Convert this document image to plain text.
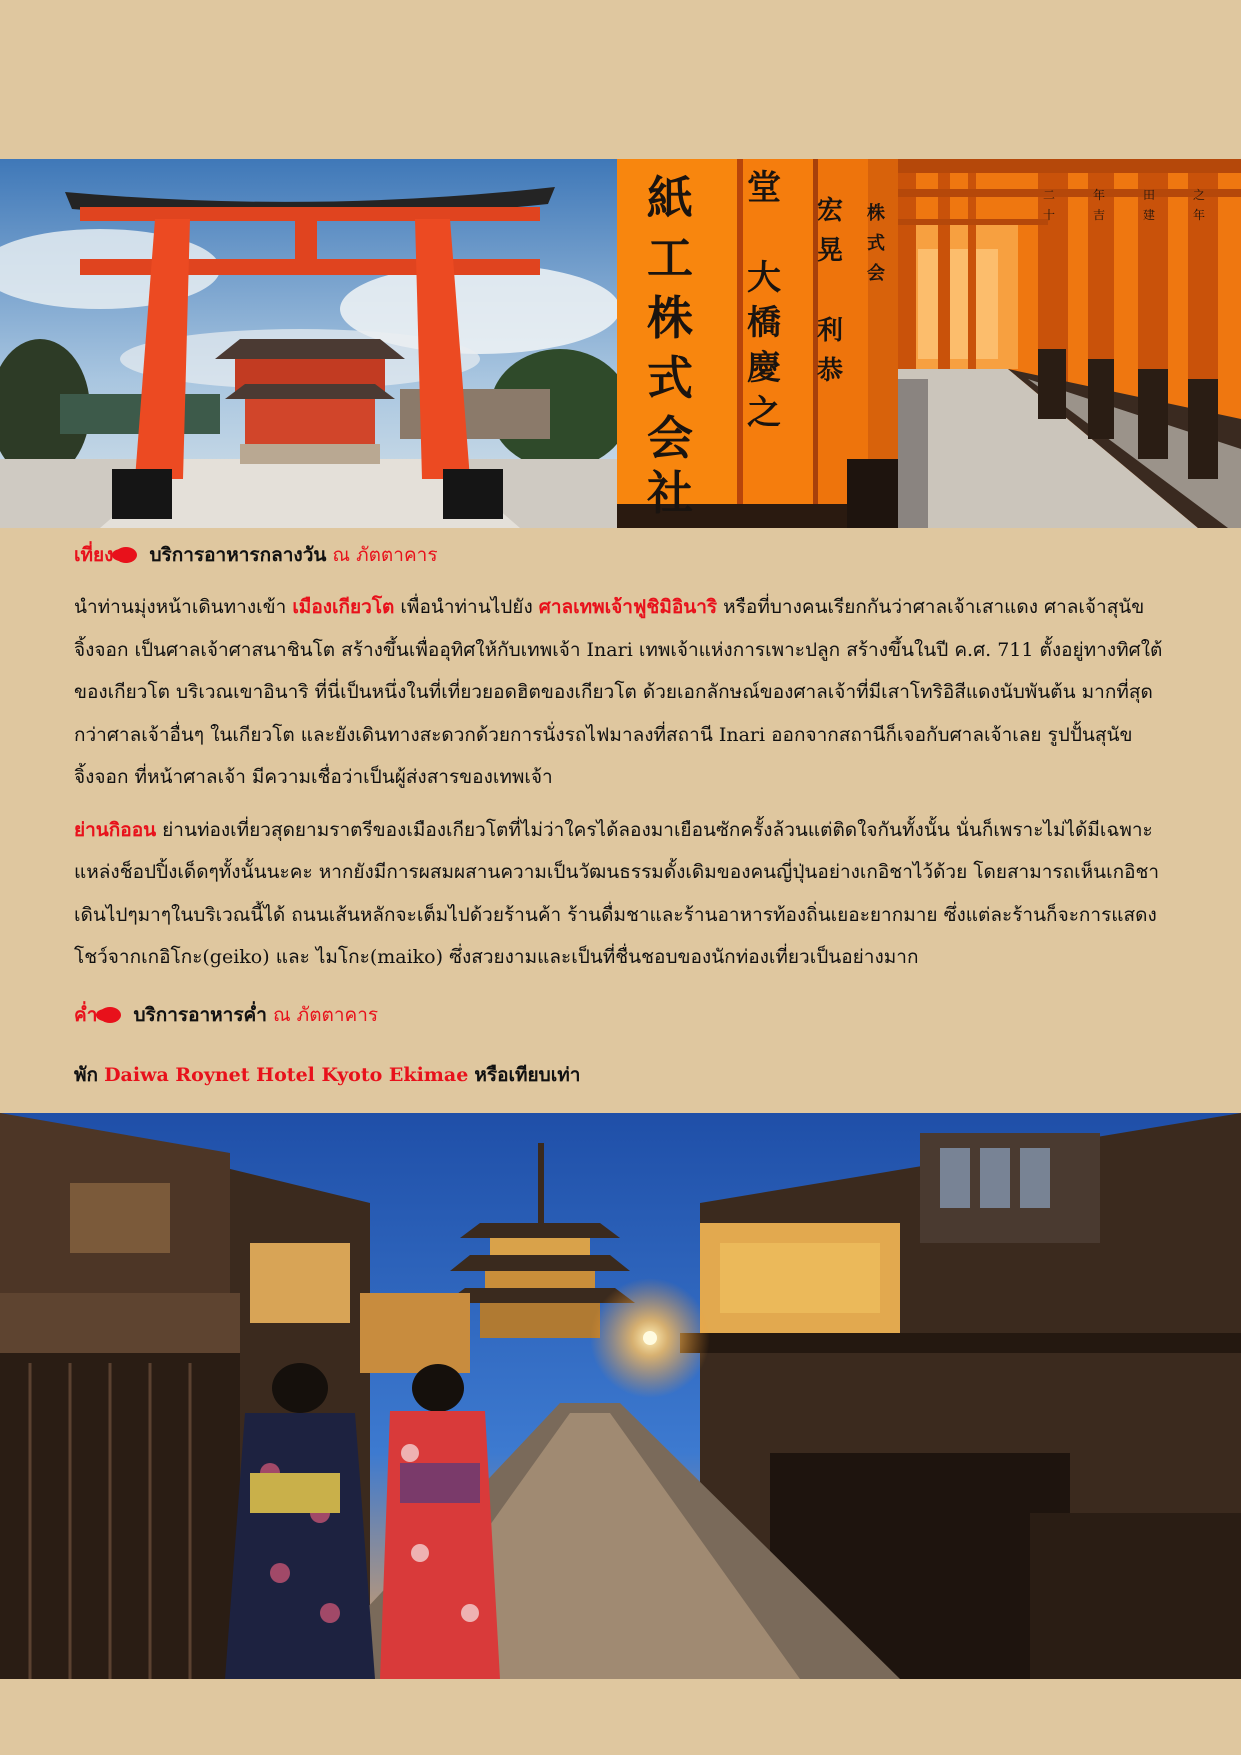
紙
工
株
式
会
社
堂
大
橋
慶
之
宏
晃
利
恭
株
式
会
二
十
年
吉
田
建
之
年

เที่ยง บริการอาหารกลางวัน ณ ภัตตาคาร

นำท่านมุ่งหน้าเดินทางเข้า เมืองเกียวโต เพื่อนำท่านไปยัง ศาลเทพเจ้าฟูชิมิอินาริ หรือที่บางคนเรียกกันว่าศาลเจ้าเสาแดง ศาลเจ้าสุนัขจิ้งจอก เป็นศาลเจ้าศาสนาชินโต สร้างขึ้นเพื่ออุทิศให้กับเทพเจ้า Inari เทพเจ้าแห่งการเพาะปลูก สร้างขึ้นในปี ค.ศ. 711 ตั้งอยู่ทางทิศใต้ของเกียวโต บริเวณเขาอินาริ ที่นี่เป็นหนึ่งในที่เที่ยวยอดฮิตของเกียวโต ด้วยเอกลักษณ์ของศาลเจ้าที่มีเสาโทริอิสีแดงนับพันต้น มากที่สุดกว่าศาลเจ้าอื่นๆ ในเกียวโต และยังเดินทางสะดวกด้วยการนั่งรถไฟมาลงที่สถานี Inari ออกจากสถานีก็เจอกับศาลเจ้าเลย รูปปั้นสุนัขจิ้งจอก ที่หน้าศาลเจ้า มีความเชื่อว่าเป็นผู้ส่งสารของเทพเจ้า

ย่านกิออน ย่านท่องเที่ยวสุดยามราตรีของเมืองเกียวโตที่ไม่ว่าใครได้ลองมาเยือนซักครั้งล้วนแต่ติดใจกันทั้งนั้น นั่นก็เพราะไม่ได้มีเฉพาะแหล่งช็อปปิ้งเด็ดๆทั้งนั้นนะคะ หากยังมีการผสมผสานความเป็นวัฒนธรรมดั้งเดิมของคนญี่ปุ่นอย่างเกอิชาไว้ด้วย โดยสามารถเห็นเกอิชาเดินไปๆมาๆในบริเวณนี้ได้ ถนนเส้นหลักจะเต็มไปด้วยร้านค้า ร้านดื่มชาและร้านอาหารท้องถิ่นเยอะยากมาย ซึ่งแต่ละร้านก็จะการแสดงโชว์จากเกอิโกะ(geiko) และ ไมโกะ(maiko) ซึ่งสวยงามและเป็นที่ชื่นชอบของนักท่องเที่ยวเป็นอย่างมาก

ค่ำ บริการอาหารค่ำ ณ ภัตตาคาร

พัก Daiwa Roynet Hotel Kyoto Ekimae หรือเทียบเท่า
